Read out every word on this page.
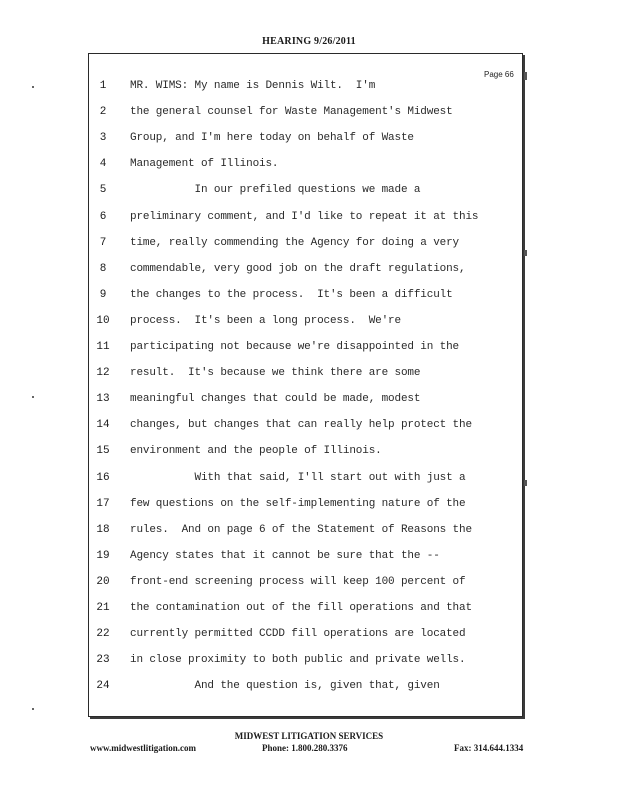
HEARING 9/26/2011
Page 66
1	MR. WIMS: My name is Dennis Wilt.  I'm
2	the general counsel for Waste Management's Midwest
3	Group, and I'm here today on behalf of Waste
4	Management of Illinois.
5	In our prefiled questions we made a
6	preliminary comment, and I'd like to repeat it at this
7	time, really commending the Agency for doing a very
8	commendable, very good job on the draft regulations,
9	the changes to the process.  It's been a difficult
10	process.  It's been a long process.  We're
11	participating not because we're disappointed in the
12	result.  It's because we think there are some
13	meaningful changes that could be made, modest
14	changes, but changes that can really help protect the
15	environment and the people of Illinois.
16	With that said, I'll start out with just a
17	few questions on the self-implementing nature of the
18	rules.  And on page 6 of the Statement of Reasons the
19	Agency states that it cannot be sure that the --
20	front-end screening process will keep 100 percent of
21	the contamination out of the fill operations and that
22	currently permitted CCDD fill operations are located
23	in close proximity to both public and private wells.
24	And the question is, given that, given
MIDWEST LITIGATION SERVICES
www.midwestlitigation.com	Phone: 1.800.280.3376	Fax: 314.644.1334
